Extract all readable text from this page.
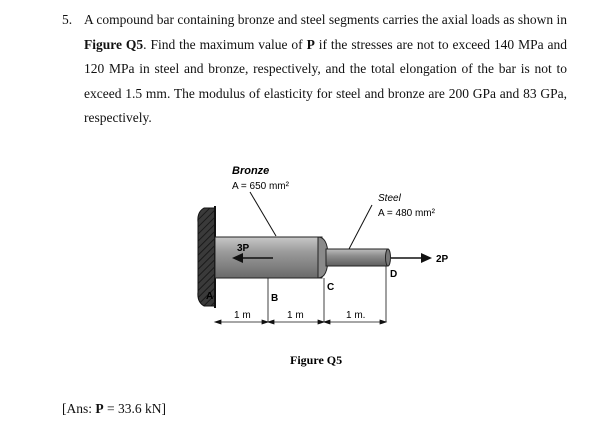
5. A compound bar containing bronze and steel segments carries the axial loads as shown in Figure Q5. Find the maximum value of P if the stresses are not to exceed 140 MPa and 120 MPa in steel and bronze, respectively, and the total elongation of the bar is not to exceed 1.5 mm. The modulus of elasticity for steel and bronze are 200 GPa and 83 GPa, respectively.
Bronze
A = 650 mm²
Steel
A = 480 mm²
3P
2P
A	B
C
D
1 m	1 m	1 m.
Figure Q5
[Ans: P = 33.6 kN]
